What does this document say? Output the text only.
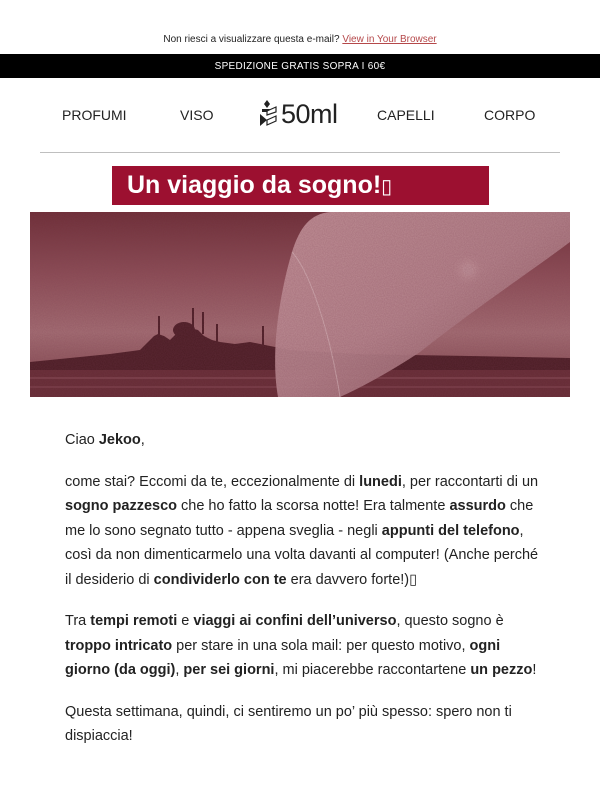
Non riesci a visualizzare questa e-mail? View in Your Browser
SPEDIZIONE GRATIS SOPRA I 60€
PROFUMI	VISO	50ml	CAPELLI	CORPO
Un viaggio da sogno!▯

Ciao Jekoo,

come stai? Eccomi da te, eccezionalmente di lunedi, per raccontarti di un sogno pazzesco che ho fatto la scorsa notte! Era talmente assurdo che me lo sono segnato tutto - appena sveglia - negli appunti del telefono, così da non dimenticarmelo una volta davanti al computer! (Anche perché il desiderio di condividerlo con te era davvero forte!)▯

Tra tempi remoti e viaggi ai confini dell’universo, questo sogno è troppo intricato per stare in una sola mail: per questo motivo, ogni giorno (da oggi), per sei giorni, mi piacerebbe raccontartene un pezzo!

Questa settimana, quindi, ci sentiremo un po’ più spesso: spero non ti dispiaccia!
